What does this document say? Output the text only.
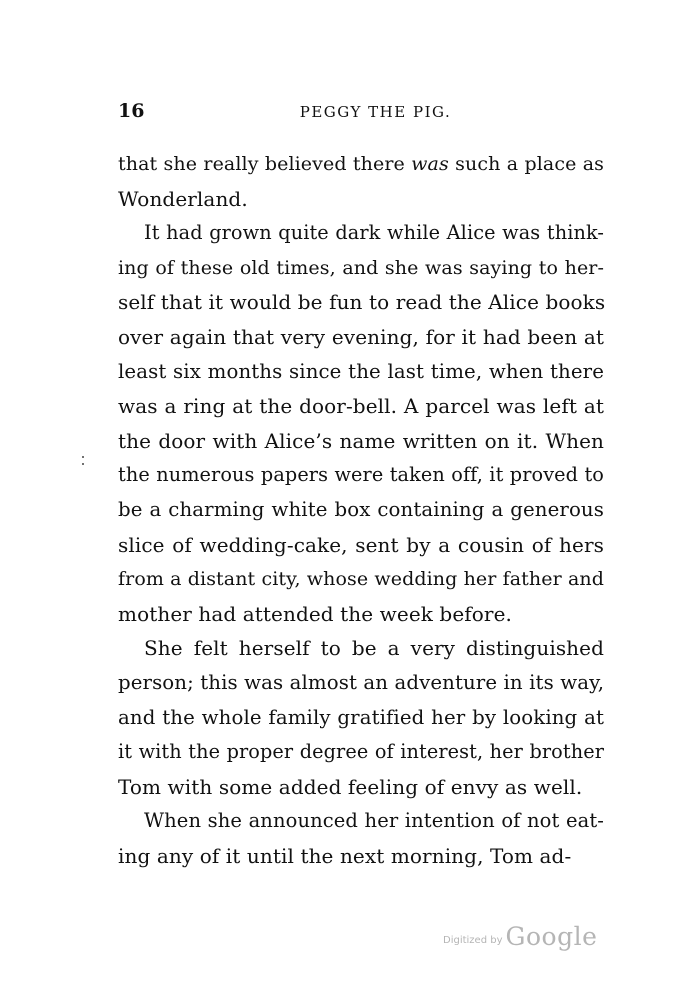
16	PEGGY THE PIG.
that she really believed there was such a place as
Wonderland.
It had grown quite dark while Alice was think-
ing of these old times, and she was saying to her-
self that it would be fun to read the Alice books
over again that very evening, for it had been at
least six months since the last time, when there
was a ring at the door-bell. A parcel was left at
the door with Alice’s name written on it. When
the numerous papers were taken off, it proved to
be a charming white box containing a generous
slice of wedding-cake, sent by a cousin of hers
from a distant city, whose wedding her father and
mother had attended the week before.
She felt herself to be a very distinguished
person; this was almost an adventure in its way,
and the whole family gratified her by looking at
it with the proper degree of interest, her brother
Tom with some added feeling of envy as well.
When she announced her intention of not eat-
ing any of it until the next morning, Tom ad-
Digitized by Google
